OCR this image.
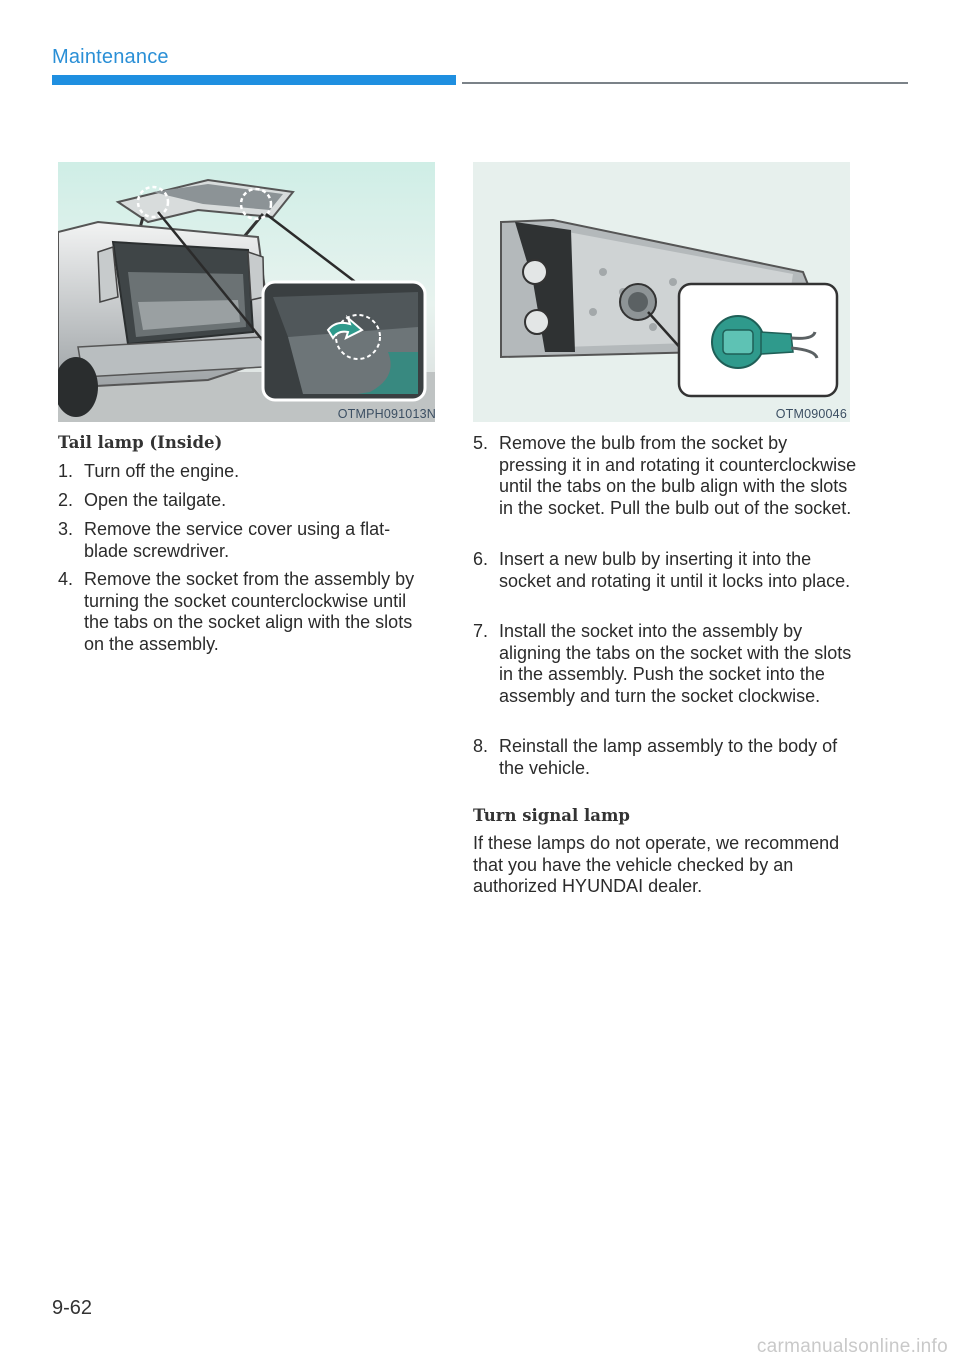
Maintenance
OTMPH091013N	OTM090046
Tail lamp (Inside)
1. Turn off the engine.
2. Open the tailgate.
3. Remove the service cover using a flat-blade screwdriver.
4. Remove the socket from the assembly by turning the socket counterclockwise until the tabs on the socket align with the slots on the assembly.
5. Remove the bulb from the socket by pressing it in and rotating it counterclockwise until the tabs on the bulb align with the slots in the socket. Pull the bulb out of the socket.
6. Insert a new bulb by inserting it into the socket and rotating it until it locks into place.
7. Install the socket into the assembly by aligning the tabs on the socket with the slots in the assembly. Push the socket into the assembly and turn the socket clockwise.
8. Reinstall the lamp assembly to the body of the vehicle.
Turn signal lamp
If these lamps do not operate, we recommend that you have the vehicle checked by an authorized HYUNDAI dealer.
9-62
carmanualsonline.info
